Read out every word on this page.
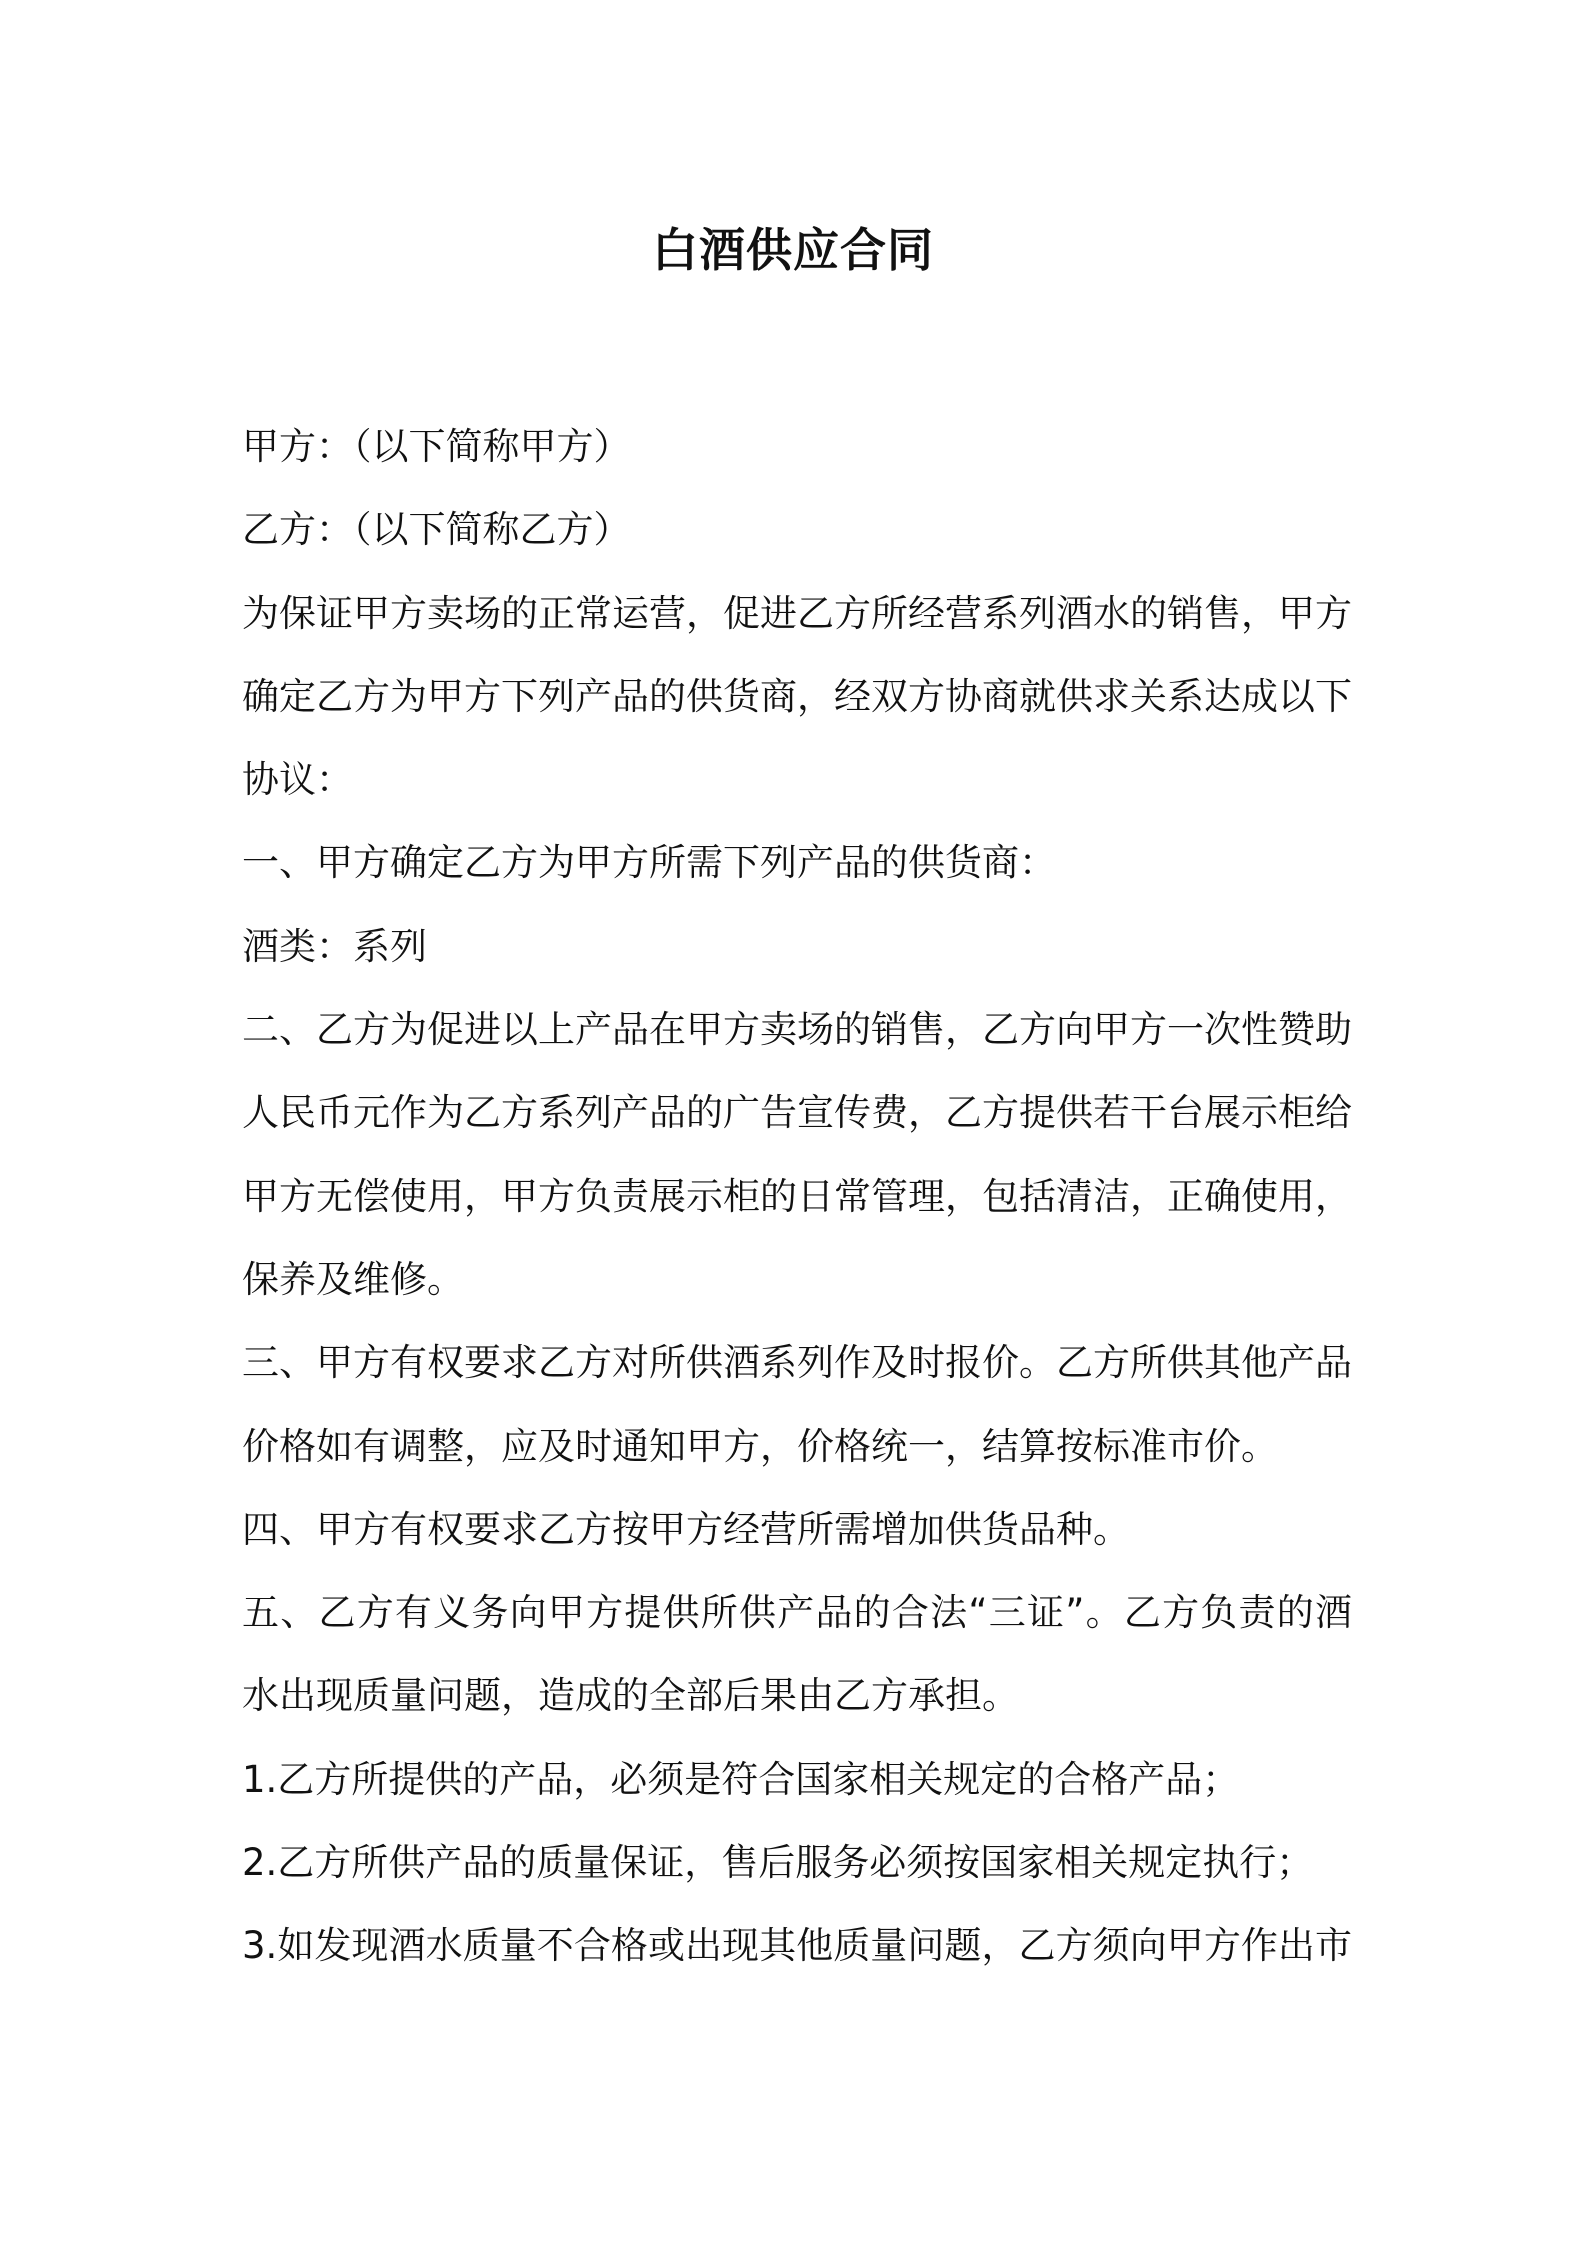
白酒供应合同
甲方：（以下简称甲方）
乙方：（以下简称乙方）
为保证甲方卖场的正常运营，促进乙方所经营系列酒水的销售，甲方
确定乙方为甲方下列产品的供货商，经双方协商就供求关系达成以下
协议：
一、甲方确定乙方为甲方所需下列产品的供货商：
酒类：系列
二、乙方为促进以上产品在甲方卖场的销售，乙方向甲方一次性赞助
人民币元作为乙方系列产品的广告宣传费，乙方提供若干台展示柜给
甲方无偿使用，甲方负责展示柜的日常管理，包括清洁，正确使用，
保养及维修。
三、甲方有权要求乙方对所供酒系列作及时报价。乙方所供其他产品
价格如有调整，应及时通知甲方，价格统一，结算按标准市价。
四、甲方有权要求乙方按甲方经营所需增加供货品种。
五、乙方有义务向甲方提供所供产品的合法“三证”。乙方负责的酒
水出现质量问题，造成的全部后果由乙方承担。
1.乙方所提供的产品，必须是符合国家相关规定的合格产品；
2.乙方所供产品的质量保证，售后服务必须按国家相关规定执行；
3.如发现酒水质量不合格或出现其他质量问题，乙方须向甲方作出市
